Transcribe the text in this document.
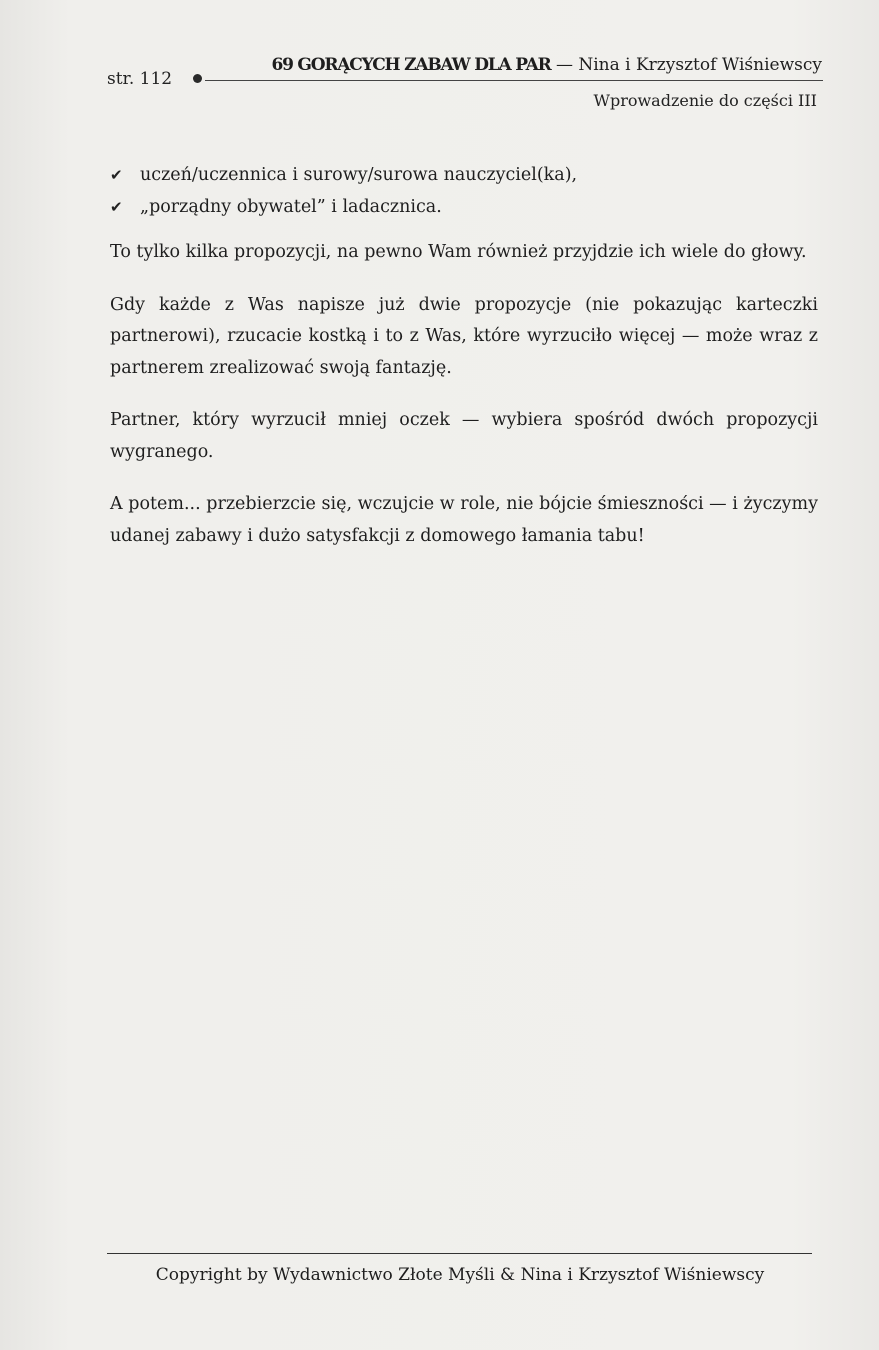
str. 112
69 GORĄCYCH ZABAW DLA PAR — Nina i Krzysztof Wiśniewscy
Wprowadzenie do części III
✔ uczeń/uczennica i surowy/surowa nauczyciel(ka),
✔ „porządny obywatel” i ladacznica.

To tylko kilka propozycji, na pewno Wam również przyjdzie ich wiele do głowy.

Gdy każde z Was napisze już dwie propozycje (nie pokazując karteczki partnerowi), rzucacie kostką i to z Was, które wyrzuciło więcej — może wraz z partnerem zrealizować swoją fantazję.

Partner, który wyrzucił mniej oczek — wybiera spośród dwóch propozycji wygranego.

A potem... przebierzcie się, wczujcie w role, nie bójcie śmieszności — i życzymy udanej zabawy i dużo satysfakcji z domowego łamania tabu!

Copyright by Wydawnictwo Złote Myśli & Nina i Krzysztof Wiśniewscy
